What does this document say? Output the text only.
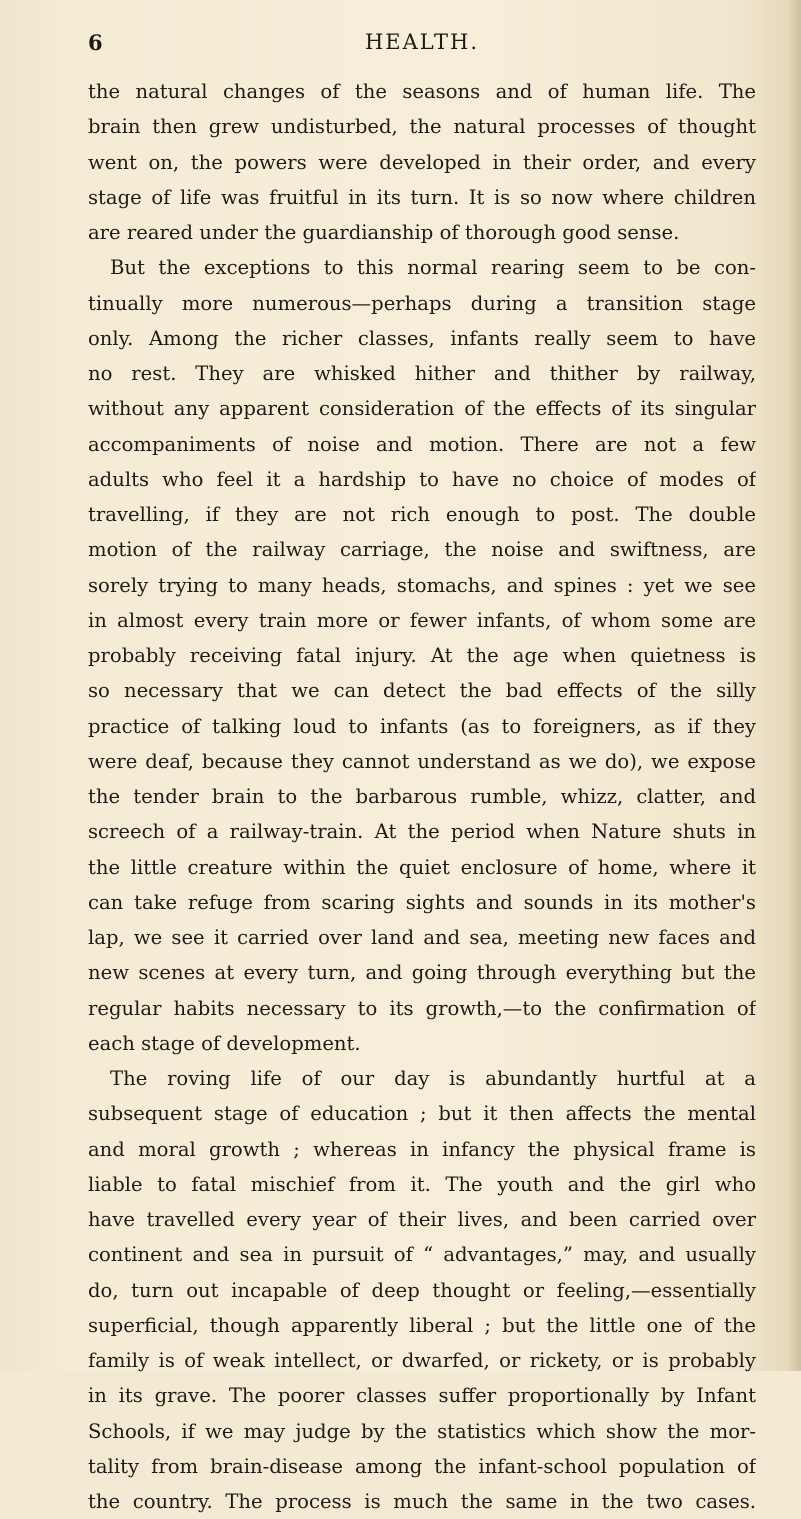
6	HEALTH.
the natural changes of the seasons and of human life. The
brain then grew undisturbed, the natural processes of thought
went on, the powers were developed in their order, and every
stage of life was fruitful in its turn. It is so now where children
are reared under the guardianship of thorough good sense.
But the exceptions to this normal rearing seem to be con-
tinually more numerous—perhaps during a transition stage
only. Among the richer classes, infants really seem to have
no rest. They are whisked hither and thither by railway,
without any apparent consideration of the effects of its singular
accompaniments of noise and motion. There are not a few
adults who feel it a hardship to have no choice of modes of
travelling, if they are not rich enough to post. The double
motion of the railway carriage, the noise and swiftness, are
sorely trying to many heads, stomachs, and spines : yet we see
in almost every train more or fewer infants, of whom some are
probably receiving fatal injury. At the age when quietness is
so necessary that we can detect the bad effects of the silly
practice of talking loud to infants (as to foreigners, as if they
were deaf, because they cannot understand as we do), we expose
the tender brain to the barbarous rumble, whizz, clatter, and
screech of a railway-train. At the period when Nature shuts in
the little creature within the quiet enclosure of home, where it
can take refuge from scaring sights and sounds in its mother's
lap, we see it carried over land and sea, meeting new faces and
new scenes at every turn, and going through everything but the
regular habits necessary to its growth,—to the confirmation of
each stage of development.
The roving life of our day is abundantly hurtful at a
subsequent stage of education ; but it then affects the mental
and moral growth ; whereas in infancy the physical frame is
liable to fatal mischief from it. The youth and the girl who
have travelled every year of their lives, and been carried over
continent and sea in pursuit of “ advantages,” may, and usually
do, turn out incapable of deep thought or feeling,—essentially
superficial, though apparently liberal ; but the little one of the
family is of weak intellect, or dwarfed, or rickety, or is probably
in its grave. The poorer classes suffer proportionally by Infant
Schools, if we may judge by the statistics which show the mor-
tality from brain-disease among the infant-school population of
the country. The process is much the same in the two cases.
